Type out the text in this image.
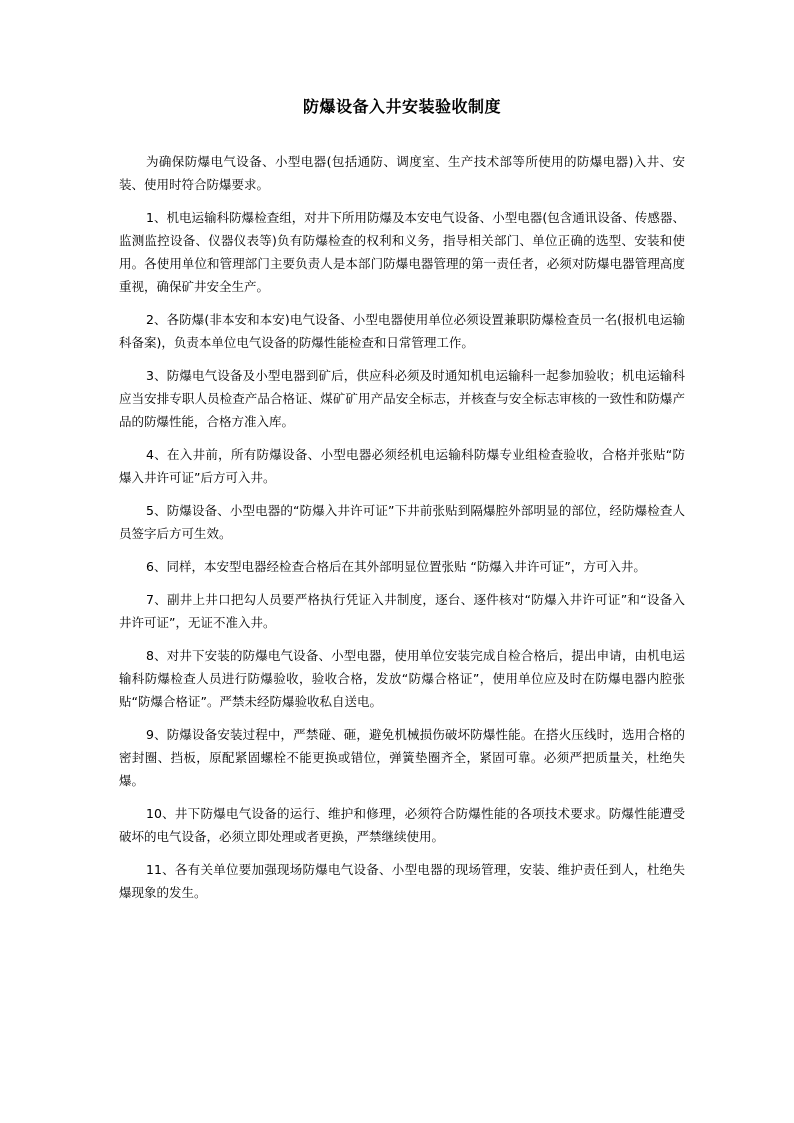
防爆设备入井安装验收制度

为确保防爆电气设备、小型电器(包括通防、调度室、生产技术部等所使用的防爆电器)入井、安装、使用时符合防爆要求。

1、机电运输科防爆检查组，对井下所用防爆及本安电气设备、小型电器(包含通讯设备、传感器、监测监控设备、仪器仪表等)负有防爆检查的权利和义务，指导相关部门、单位正确的选型、安装和使用。各使用单位和管理部门主要负责人是本部门防爆电器管理的第一责任者，必须对防爆电器管理高度重视，确保矿井安全生产。

2、各防爆(非本安和本安)电气设备、小型电器使用单位必须设置兼职防爆检查员一名(报机电运输科备案)，负责本单位电气设备的防爆性能检查和日常管理工作。

3、防爆电气设备及小型电器到矿后，供应科必须及时通知机电运输科一起参加验收；机电运输科应当安排专职人员检查产品合格证、煤矿矿用产品安全标志，并核查与安全标志审核的一致性和防爆产品的防爆性能，合格方准入库。

4、在入井前，所有防爆设备、小型电器必须经机电运输科防爆专业组检查验收，合格并张贴“防爆入井许可证”后方可入井。

5、防爆设备、小型电器的“防爆入井许可证”下井前张贴到隔爆腔外部明显的部位，经防爆检查人员签字后方可生效。

6、同样，本安型电器经检查合格后在其外部明显位置张贴 “防爆入井许可证”，方可入井。

7、副井上井口把勾人员要严格执行凭证入井制度，逐台、逐件核对“防爆入井许可证”和“设备入井许可证”，无证不准入井。

8、对井下安装的防爆电气设备、小型电器，使用单位安装完成自检合格后，提出申请，由机电运输科防爆检查人员进行防爆验收，验收合格，发放“防爆合格证”，使用单位应及时在防爆电器内腔张贴“防爆合格证”。严禁未经防爆验收私自送电。

9、防爆设备安装过程中，严禁碰、砸，避免机械损伤破坏防爆性能。在搭火压线时，选用合格的密封圈、挡板，原配紧固螺栓不能更换或错位，弹簧垫圈齐全，紧固可靠。必须严把质量关，杜绝失爆。

10、井下防爆电气设备的运行、维护和修理，必须符合防爆性能的各项技术要求。防爆性能遭受破坏的电气设备，必须立即处理或者更换，严禁继续使用。

11、各有关单位要加强现场防爆电气设备、小型电器的现场管理，安装、维护责任到人，杜绝失爆现象的发生。
